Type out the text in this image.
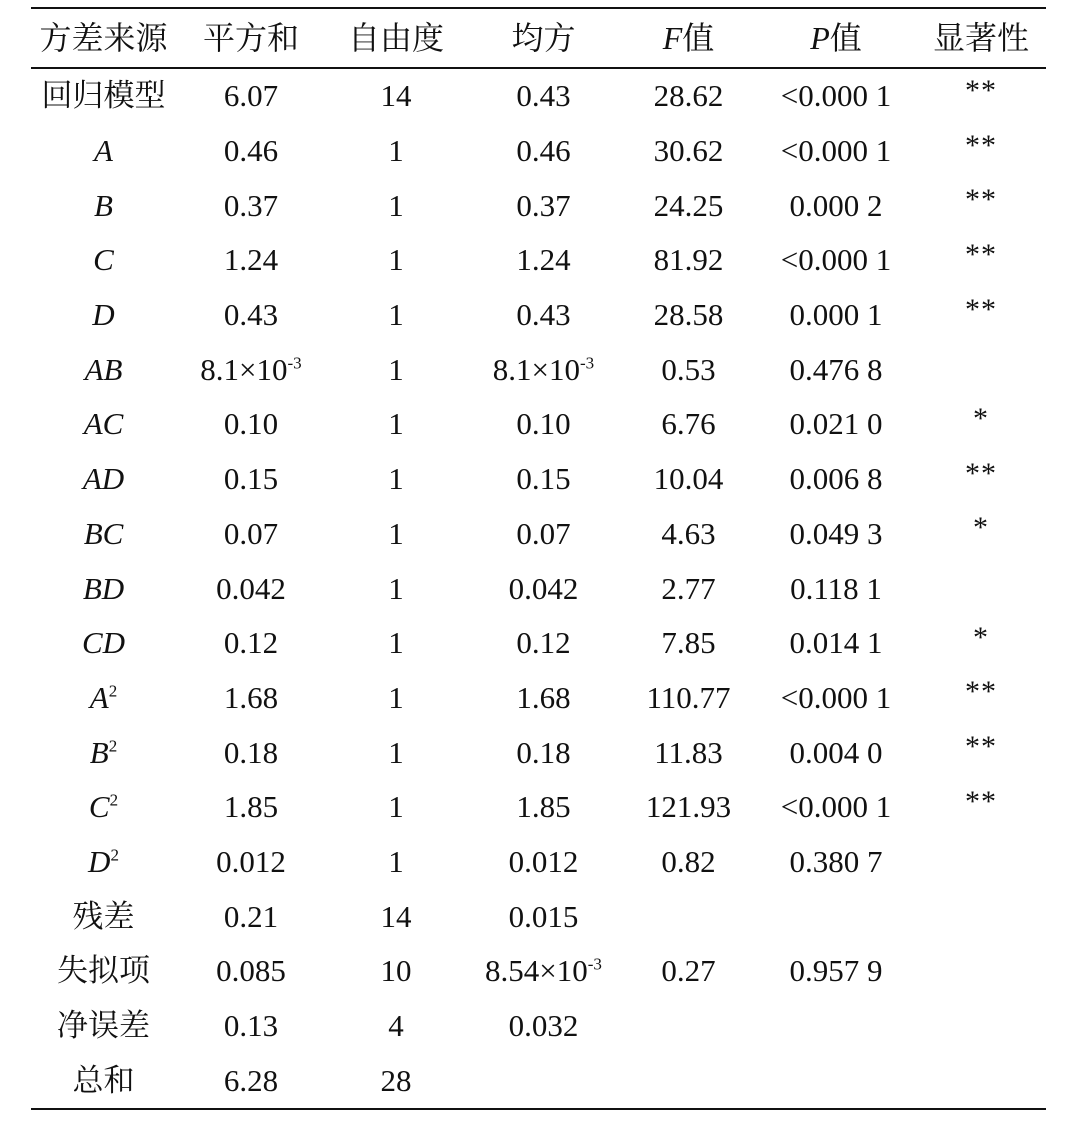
方差来源	平方和	自由度	均方	F值	P值	显著性
回归模型	6.07	14	0.43	28.62	<0.000 1	**
A	0.46	1	0.46	30.62	<0.000 1	**
B	0.37	1	0.37	24.25	0.000 2	**
C	1.24	1	1.24	81.92	<0.000 1	**
D	0.43	1	0.43	28.58	0.000 1	**
AB	$8.1\times 10^{-3}$	1	$8.1\times 10^{-3}$	0.53	0.476 8
AC	0.10	1	0.10	6.76	0.021 0	*
AD	0.15	1	0.15	10.04	0.006 8	**
BC	0.07	1	0.07	4.63	0.049 3	*
BD	0.042	1	0.042	2.77	0.118 1
CD	0.12	1	0.12	7.85	0.014 1	*
$A^2$	1.68	1	1.68	110.77	<0.000 1	**
$B^2$	0.18	1	0.18	11.83	0.004 0	**
$C^2$	1.85	1	1.85	121.93	<0.000 1	**
$D^2$	0.012	1	0.012	0.82	0.380 7
残差	0.21	14	0.015
失拟项	0.085	10	$8.54\times 10^{-3}$	0.27	0.957 9
净误差	0.13	4	0.032
总和	6.28	28
